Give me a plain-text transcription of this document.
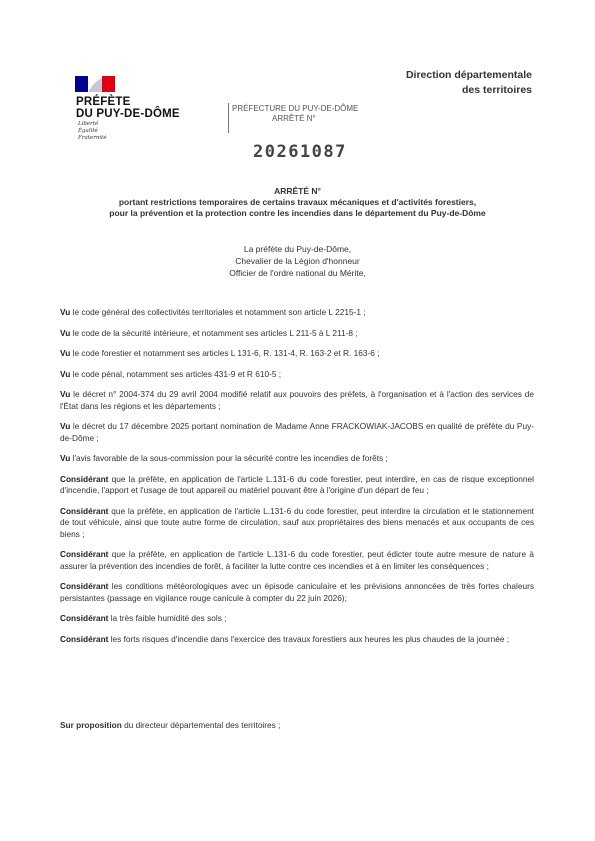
PRÉFÈTE
DU PUY-DE-DÔME
Liberté
Égalité
Fraternité
Direction départementale
des territoires
PRÉFECTURE DU PUY-DE-DÔME
ARRÊTÉ N°
20261087
ARRÊTÉ N°
portant restrictions temporaires de certains travaux mécaniques et d'activités forestiers,
pour la prévention et la protection contre les incendies dans le département du Puy-de-Dôme
La préfète du Puy-de-Dôme,
Chevalier de la Légion d'honneur
Officier de l'ordre national du Mérite,
Vu le code général des collectivités territoriales et notamment son article L 2215-1 ;
Vu le code de la sécurité intérieure, et notamment ses articles L 211-5 à L 211-8 ;
Vu le code forestier et notamment ses articles L 131-6, R. 131-4, R. 163-2 et R. 163-6 ;
Vu le code pénal, notamment ses articles 431-9 et R 610-5 ;
Vu le décret n° 2004-374 du 29 avril 2004 modifié relatif aux pouvoirs des préfets, à l'organisation et à l'action des services de l'État dans les régions et les départements ;
Vu le décret du 17 décembre 2025 portant nomination de Madame Anne FRACKOWIAK-JACOBS en qualité de préfète du Puy-de-Dôme ;
Vu l'avis favorable de la sous-commission pour la sécurité contre les incendies de forêts ;
Considérant que la préfète, en application de l'article L.131-6 du code forestier, peut interdire, en cas de risque exceptionnel d'incendie, l'apport et l'usage de tout appareil ou matériel pouvant être à l'origine d'un départ de feu ;
Considérant que la préfète, en application de l'article L.131-6 du code forestier, peut interdire la circulation et le stationnement de tout véhicule, ainsi que toute autre forme de circulation, sauf aux propriétaires des biens menacés et aux occupants de ces biens ;
Considérant que la préfète, en application de l'article L.131-6 du code forestier, peut édicter toute autre mesure de nature à assurer la prévention des incendies de forêt, à faciliter la lutte contre ces incendies et à en limiter les conséquences ;
Considérant les conditions météorologiques avec un épisode caniculaire et les prévisions annoncées de très fortes chaleurs persistantes (passage en vigilance rouge canicule à compter du 22 juin 2026);
Considérant la très faible humidité des sols ;
Considérant les forts risques d'incendie dans l'exercice des travaux forestiers aux heures les plus chaudes de la journée ;
Sur proposition du directeur départemental des territoires ;
